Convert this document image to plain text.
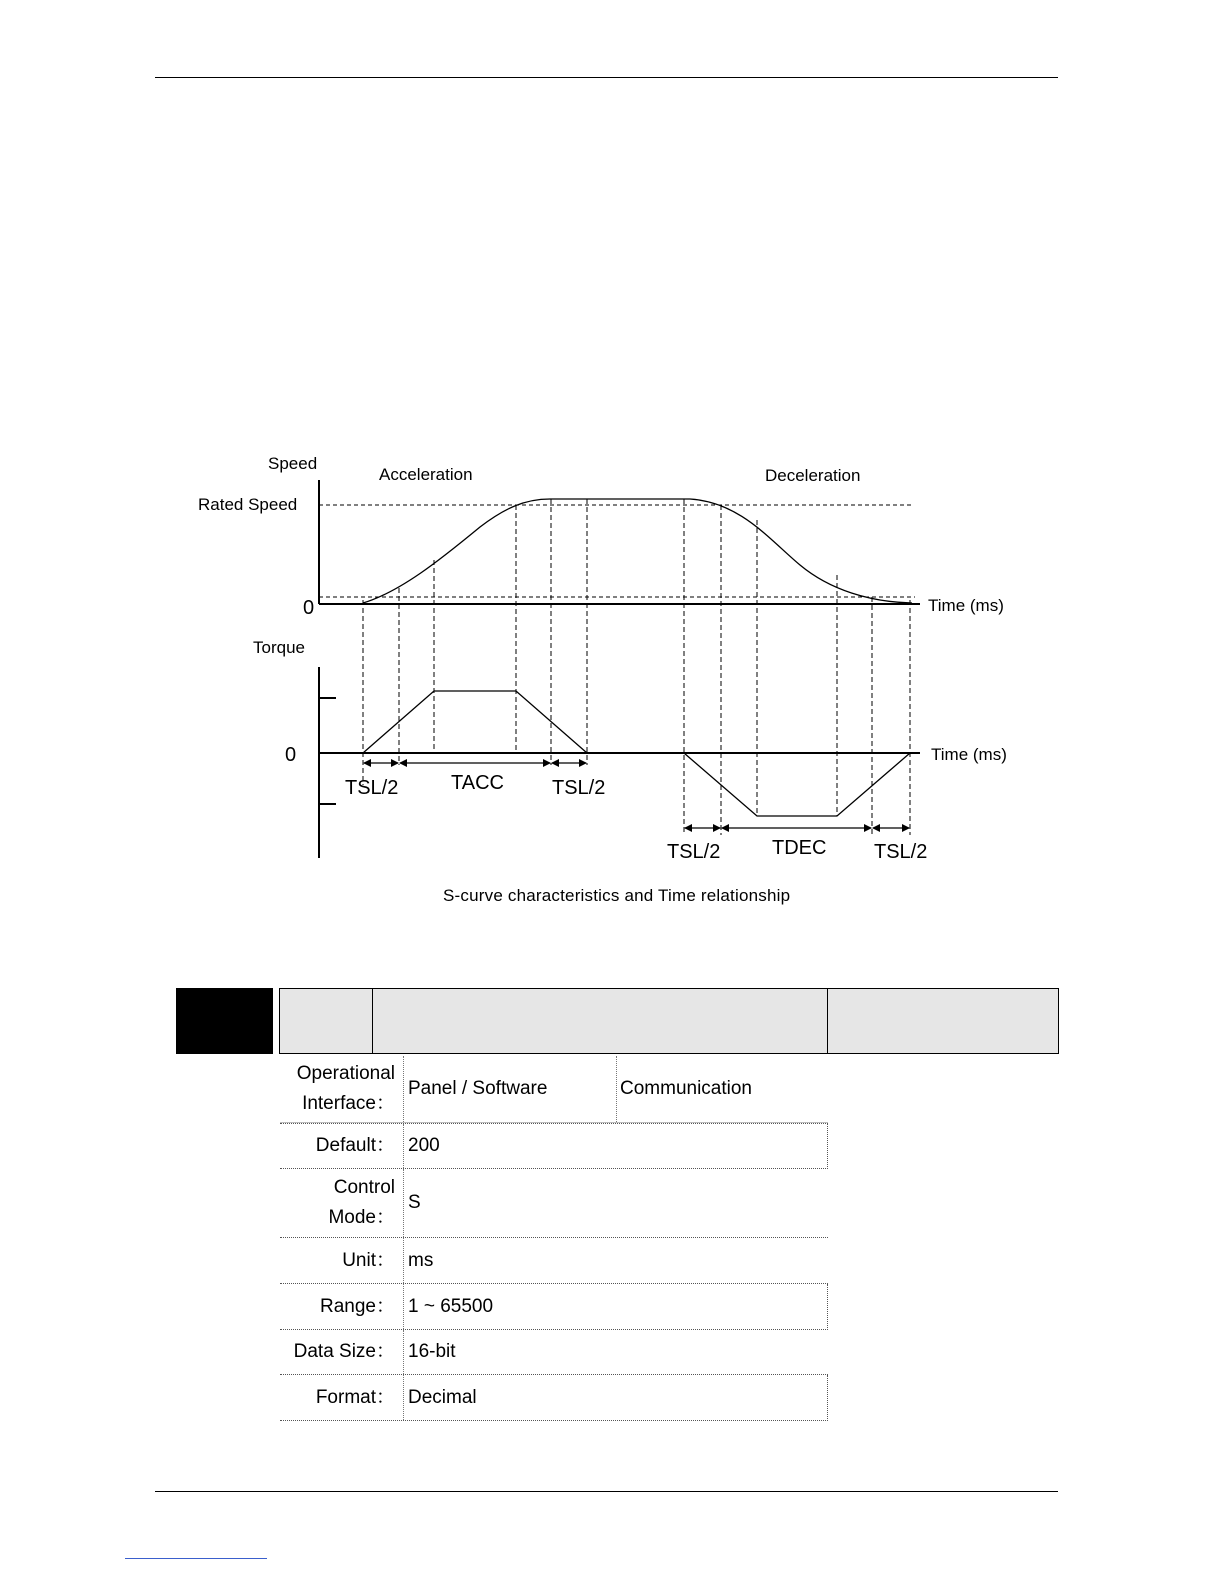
Speed
Acceleration	Deceleration
Rated Speed
0	Time (ms)
Torque
0	Time (ms)
TSL/2	TACC TSL/2
TSL/2	TDEC TSL/2
S-curve characteristics and Time relationship
Operational
Interface：
Panel / Software	Communication
Default： 200
Control
Mode：
S
Unit： ms
Range： 1 ~ 65500
Data Size： 16-bit
Format： Decimal
